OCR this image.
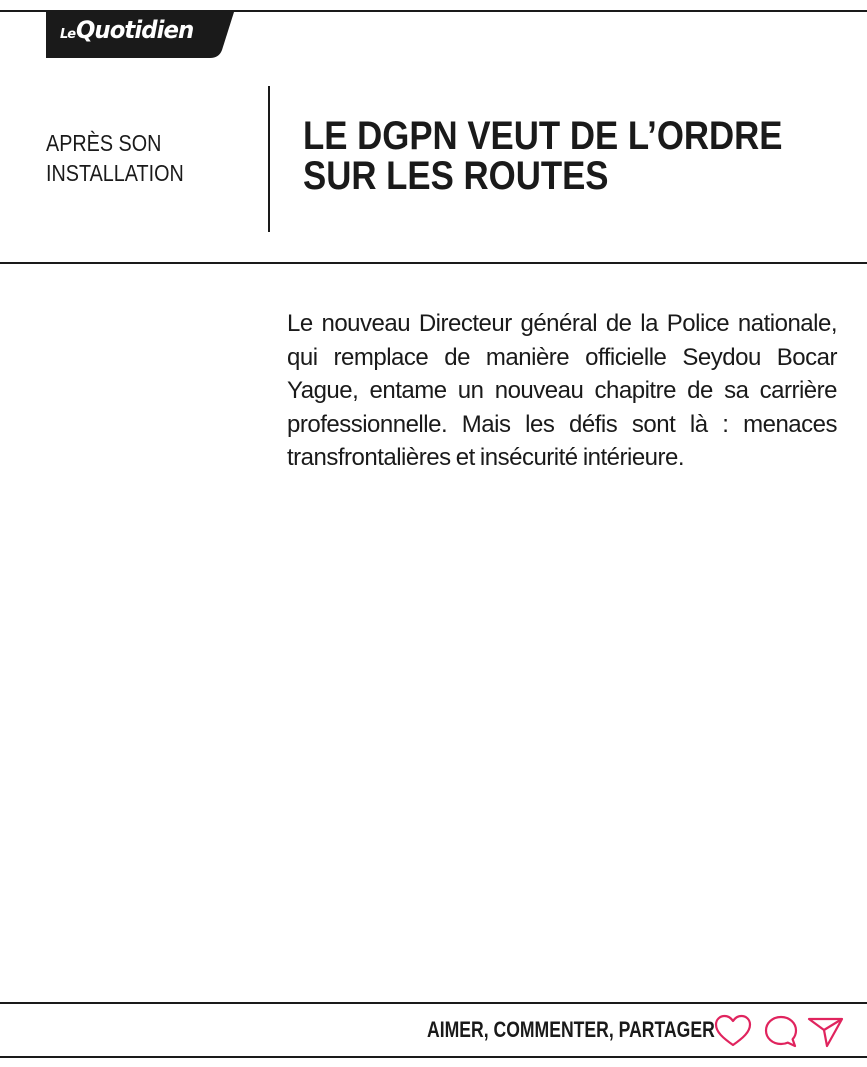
Le Quotidien
APRÈS SON
INSTALLATION
LE DGPN VEUT DE L’ORDRE SUR LES ROUTES

Le nouveau Directeur général de la Police nationale, qui remplace de manière officielle Seydou Bocar Yague, entame un nouveau chapitre de sa carrière professionnelle. Mais les défis sont là : menaces transfrontalières et insécurité intérieure.

AIMER, COMMENTER, PARTAGER
